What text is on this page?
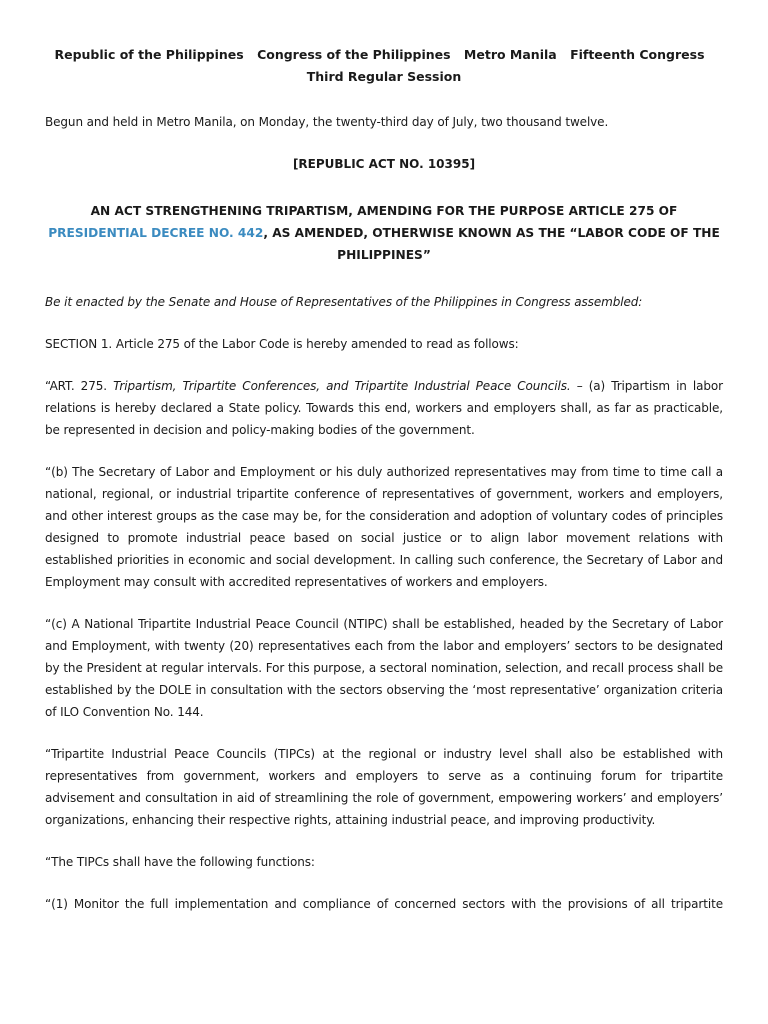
Republic of the Philippines Congress of the Philippines Metro Manila Fifteenth Congress Third Regular Session

Begun and held in Metro Manila, on Monday, the twenty-third day of July, two thousand twelve.

[REPUBLIC ACT NO. 10395]
AN ACT STRENGTHENING TRIPARTISM, AMENDING FOR THE PURPOSE ARTICLE 275 OF PRESIDENTIAL DECREE NO. 442, AS AMENDED, OTHERWISE KNOWN AS THE “LABOR CODE OF THE PHILIPPINES”

Be it enacted by the Senate and House of Representatives of the Philippines in Congress assembled:

SECTION 1. Article 275 of the Labor Code is hereby amended to read as follows:

“ART. 275. Tripartism, Tripartite Conferences, and Tripartite Industrial Peace Councils. – (a) Tripartism in labor relations is hereby declared a State policy. Towards this end, workers and employers shall, as far as practicable, be represented in decision and policy-making bodies of the government.

“(b) The Secretary of Labor and Employment or his duly authorized representatives may from time to time call a national, regional, or industrial tripartite conference of representatives of government, workers and employers, and other interest groups as the case may be, for the consideration and adoption of voluntary codes of principles designed to promote industrial peace based on social justice or to align labor movement relations with established priorities in economic and social development. In calling such conference, the Secretary of Labor and Employment may consult with accredited representatives of workers and employers.

“(c) A National Tripartite Industrial Peace Council (NTIPC) shall be established, headed by the Secretary of Labor and Employment, with twenty (20) representatives each from the labor and employers’ sectors to be designated by the President at regular intervals. For this purpose, a sectoral nomination, selection, and recall process shall be established by the DOLE in consultation with the sectors observing the ‘most representative’ organization criteria of ILO Convention No. 144.

“Tripartite Industrial Peace Councils (TIPCs) at the regional or industry level shall also be established with representatives from government, workers and employers to serve as a continuing forum for tripartite advisement and consultation in aid of streamlining the role of government, empowering workers’ and employers’ organizations, enhancing their respective rights, attaining industrial peace, and improving productivity.

“The TIPCs shall have the following functions:

“(1) Monitor the full implementation and compliance of concerned sectors with the provisions of all tripartite
